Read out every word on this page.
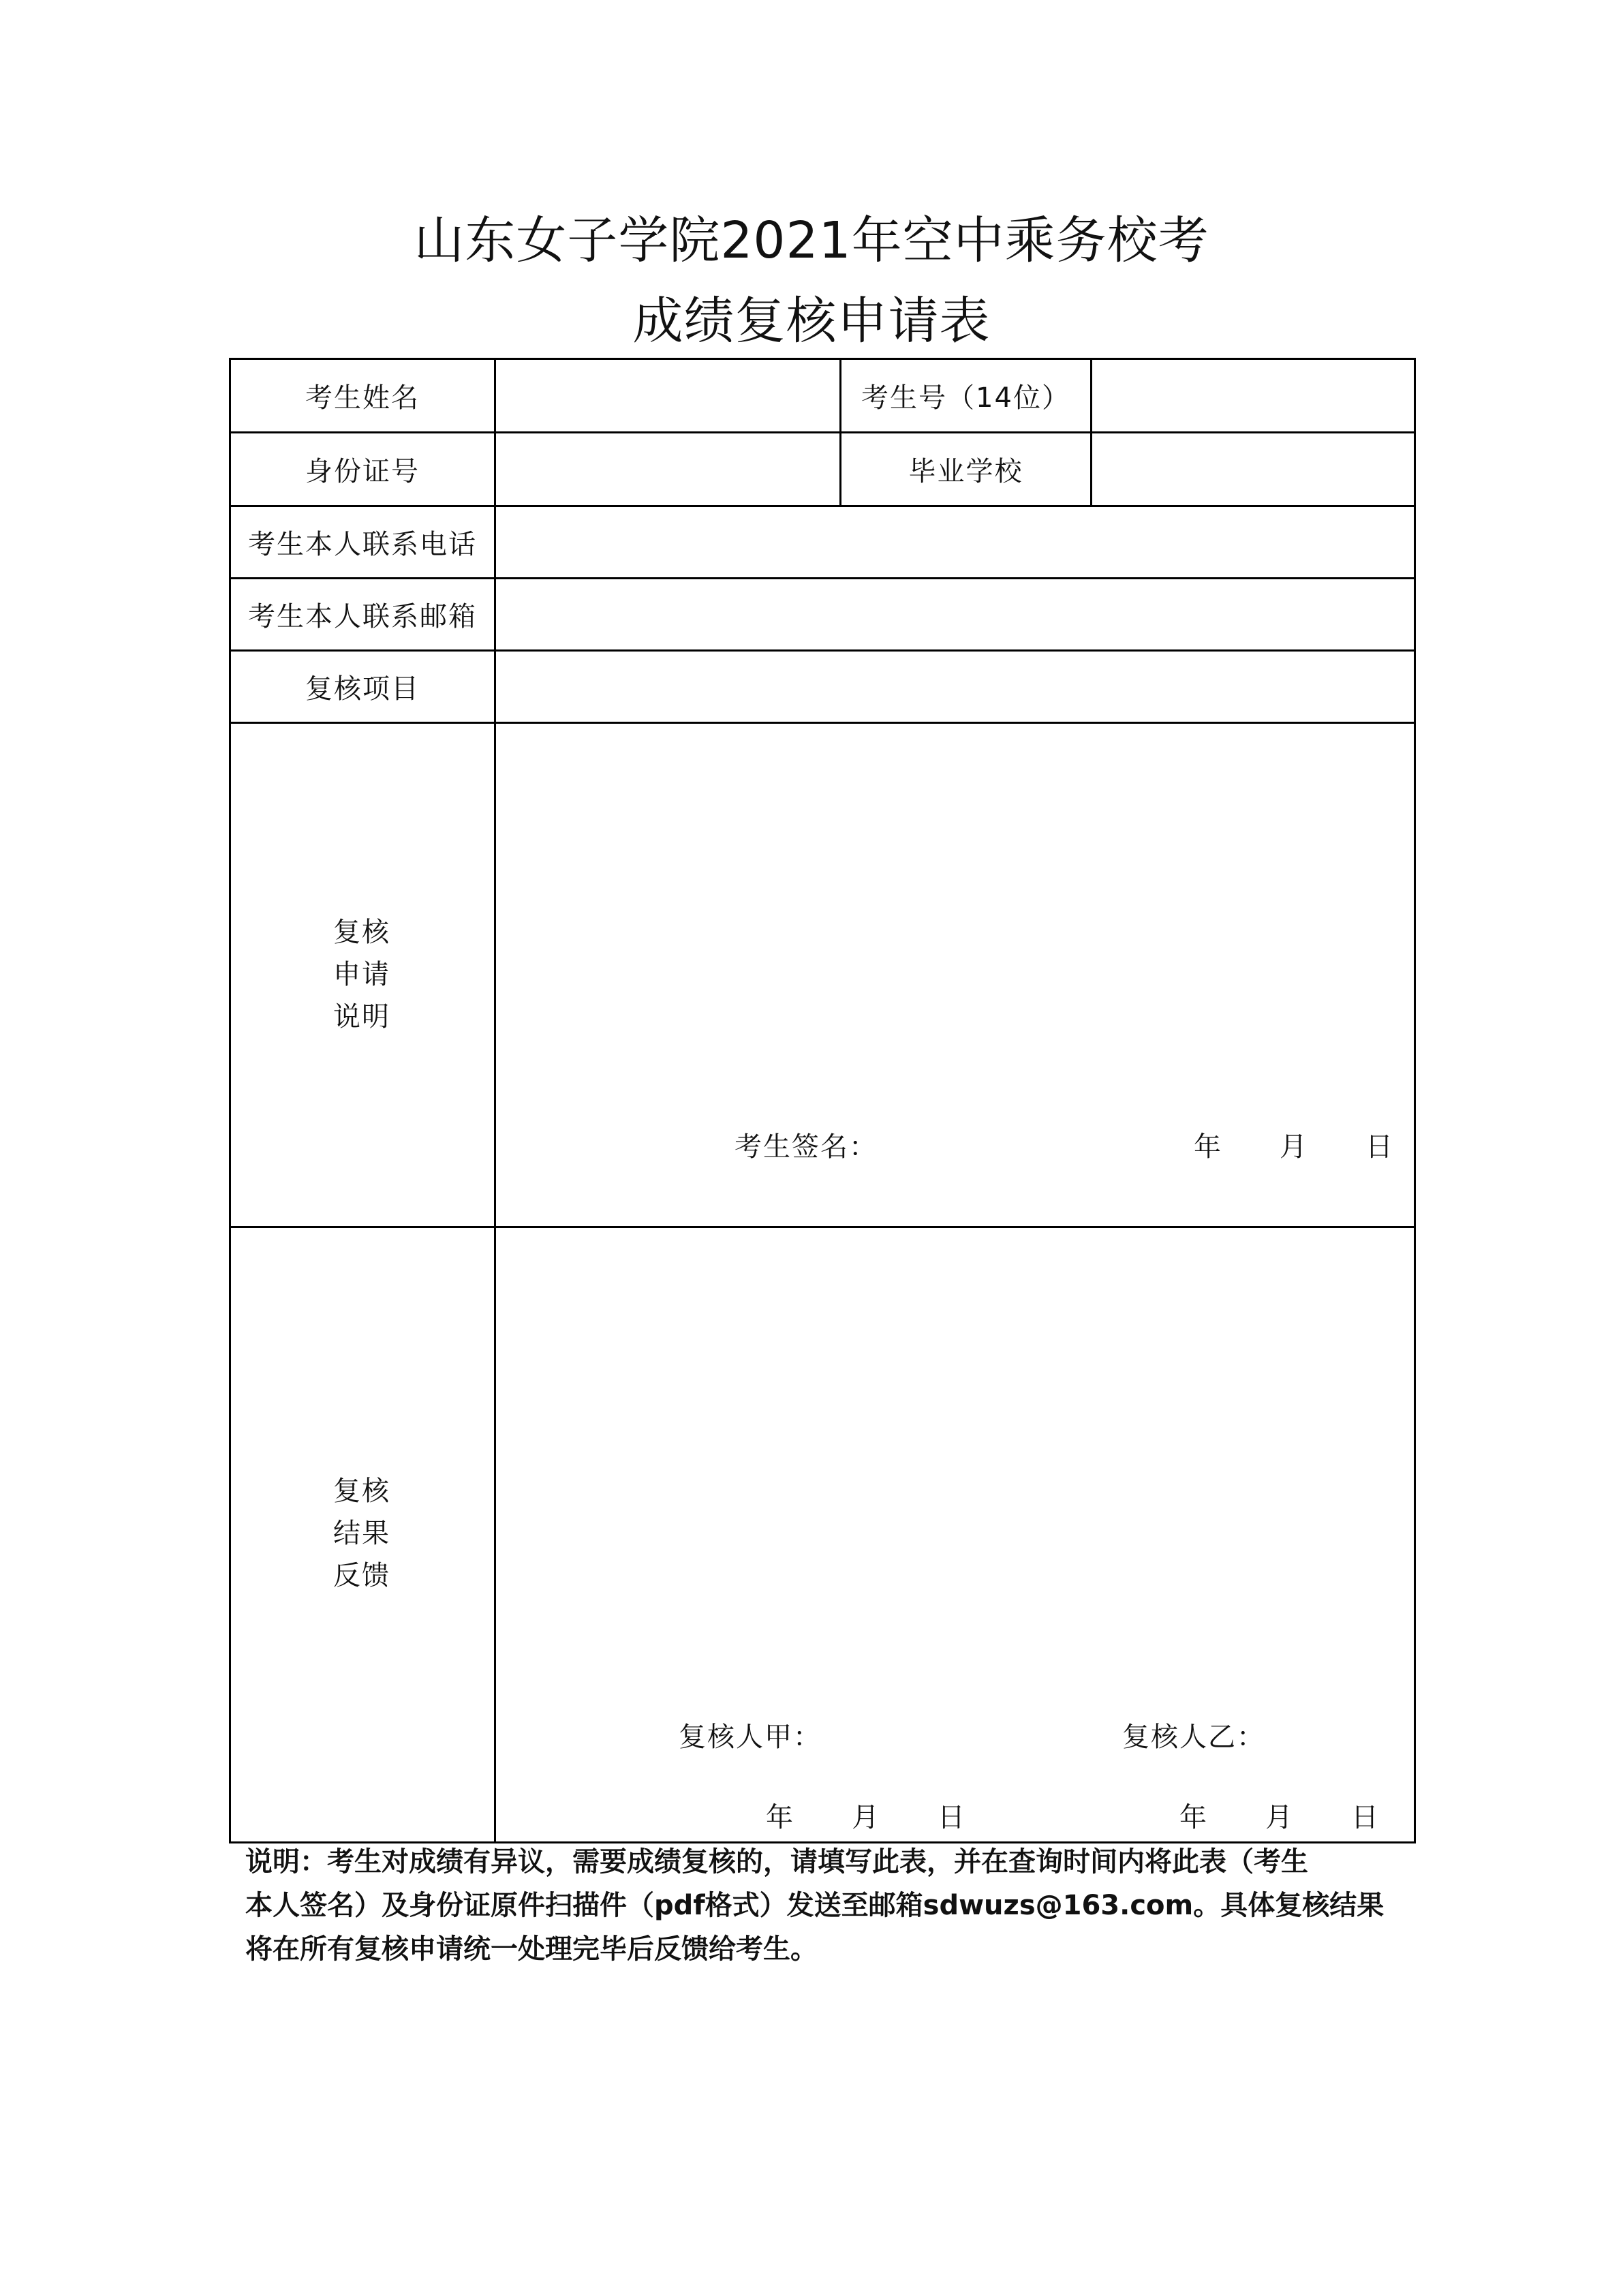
山东女子学院2021年空中乘务校考
成绩复核申请表
考生姓名	考生号（14位）
身份证号	毕业学校
考生本人联系电话
考生本人联系邮箱
复核项目
复核
申请
说明
考生签名：	年　　月　　日
复核
结果
反馈
复核人甲：	复核人乙：
年　　月　　日	年　　月　　日
说明：考生对成绩有异议，需要成绩复核的，请填写此表，并在查询时间内将此表（考生
本人签名）及身份证原件扫描件（pdf格式）发送至邮箱sdwuzs@163.com。具体复核结果
将在所有复核申请统一处理完毕后反馈给考生。
